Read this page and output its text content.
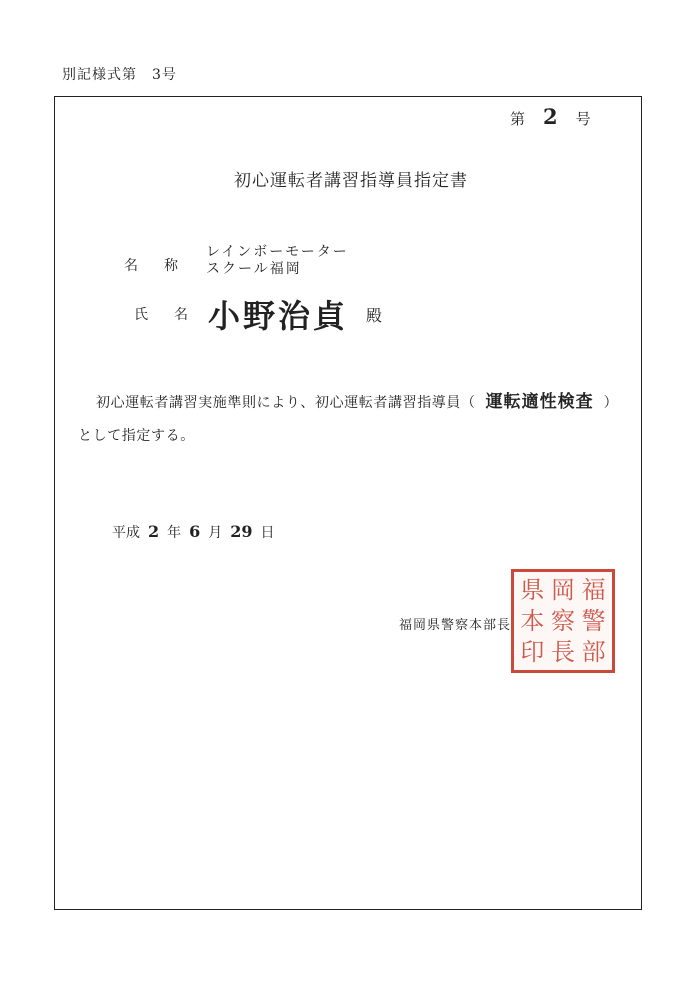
別記様式第　3号
第 2 号
初心運転者講習指導員指定書
名称
レインボーモーター
スクール福岡
氏名
小野治貞 殿
初心運転者講習実施準則により、初心運転者講習指導員（ 運転適性検査 ）
として指定する。
平成 2 年 6 月 29 日
県 岡 福
本 察 警
印 長 部
福岡県警察本部長
